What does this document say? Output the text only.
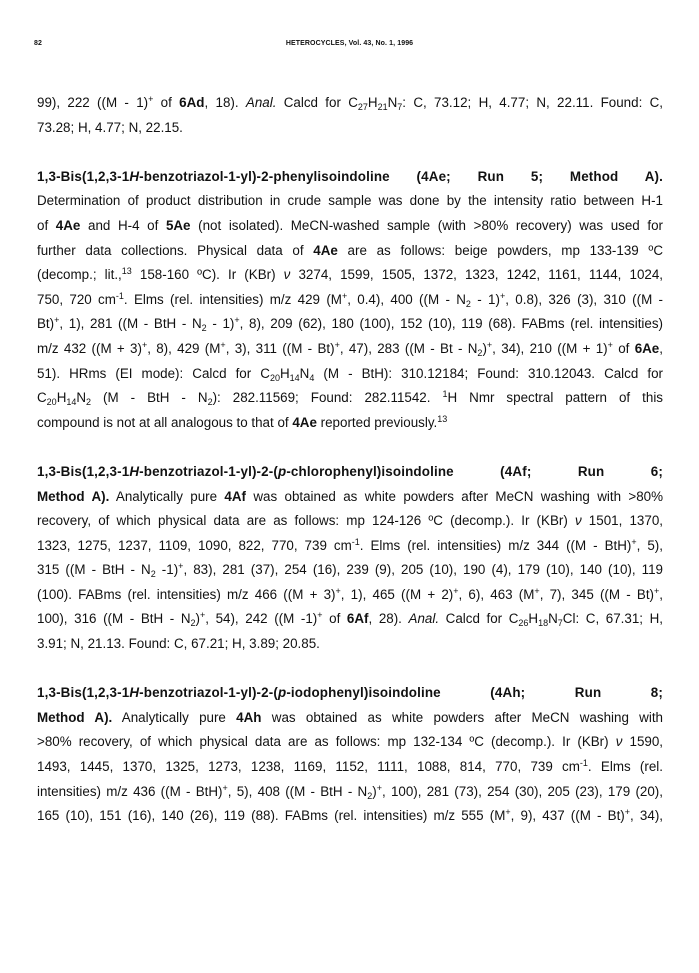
82	HETEROCYCLES, Vol. 43, No. 1, 1996
99), 222 ((M - 1)+ of 6Ad, 18). Anal. Calcd for $C_{27}H_{21}N_7$: C, 73.12; H, 4.77; N, 22.11. Found: C,
73.28; H, 4.77; N, 22.15.
1,3-Bis(1,2,3-1H-benzotriazol-1-yl)-2-phenylisoindoline (4Ae; Run 5; Method A).
Determination of product distribution in crude sample was done by the intensity ratio between H-1
of 4Ae and H-4 of 5Ae (not isolated). MeCN-washed sample (with >80% recovery) was used for
further data collections. Physical data of 4Ae are as follows: beige powders, mp 133-139 ºC
(decomp.; lit.,$^{13}$ 158-160 ºC). Ir (KBr) ν 3274, 1599, 1505, 1372, 1323, 1242, 1161, 1144, 1024,
750, 720 $cm^{-1}$. Elms (rel. intensities) m/z 429 (M+, 0.4), 400 ($(M - N_2 - 1)^+$, 0.8), 326 (3), 310 ((M -
Bt)+, 1), 281 ((M - BtH - $N_2 - 1)^+$, 8), 209 (62), 180 (100), 152 (10), 119 (68). FABms (rel. intensities)
m/z 432 ((M + 3)+, 8), 429 (M+, 3), 311 ((M - Bt)+, 47), 283 ((M - Bt - $N_2)^+$, 34), 210 ((M + 1)+ of 6Ae,
51). HRms (EI mode): Calcd for $C_{20}H_{14}N_4$ (M - BtH): 310.12184; Found: 310.12043. Calcd for
$C_{20}H_{14}N_2$ (M - BtH - $N_2$): 282.11569; Found: 282.11542. $^1$H Nmr spectral pattern of this
compound is not at all analogous to that of 4Ae reported previously.$^{13}$
1,3-Bis(1,2,3-1H-benzotriazol-1-yl)-2-(p-chlorophenyl)isoindoline (4Af; Run 6;
Method A). Analytically pure 4Af was obtained as white powders after MeCN washing with >80%
recovery, of which physical data are as follows: mp 124-126 ºC (decomp.). Ir (KBr) ν 1501, 1370,
1323, 1275, 1237, 1109, 1090, 822, 770, 739 $cm^{-1}$. Elms (rel. intensities) m/z 344 ((M - BtH)+, 5),
315 ((M - BtH - $N_2$ -1)+, 83), 281 (37), 254 (16), 239 (9), 205 (10), 190 (4), 179 (10), 140 (10), 119
(100). FABms (rel. intensities) m/z 466 ((M + 3)+, 1), 465 ((M + 2)+, 6), 463 (M+, 7), 345 ((M - Bt)+,
100), 316 ((M - BtH - $N_2)^+$, 54), 242 ((M -1)+ of 6Af, 28). Anal. Calcd for $C_{26}H_{18}N_7Cl$: C, 67.31; H,
3.91; N, 21.13. Found: C, 67.21; H, 3.89; 20.85.
1,3-Bis(1,2,3-1H-benzotriazol-1-yl)-2-(p-iodophenyl)isoindoline (4Ah; Run 8;
Method A). Analytically pure 4Ah was obtained as white powders after MeCN washing with
>80% recovery, of which physical data are as follows: mp 132-134 ºC (decomp.). Ir (KBr) ν 1590,
1493, 1445, 1370, 1325, 1273, 1238, 1169, 1152, 1111, 1088, 814, 770, 739 $cm^{-1}$. Elms (rel.
intensities) m/z 436 ((M - BtH)+, 5), 408 ((M - BtH - $N_2)^+$, 100), 281 (73), 254 (30), 205 (23), 179 (20),
165 (10), 151 (16), 140 (26), 119 (88). FABms (rel. intensities) m/z 555 (M+, 9), 437 ((M - Bt)+, 34),
